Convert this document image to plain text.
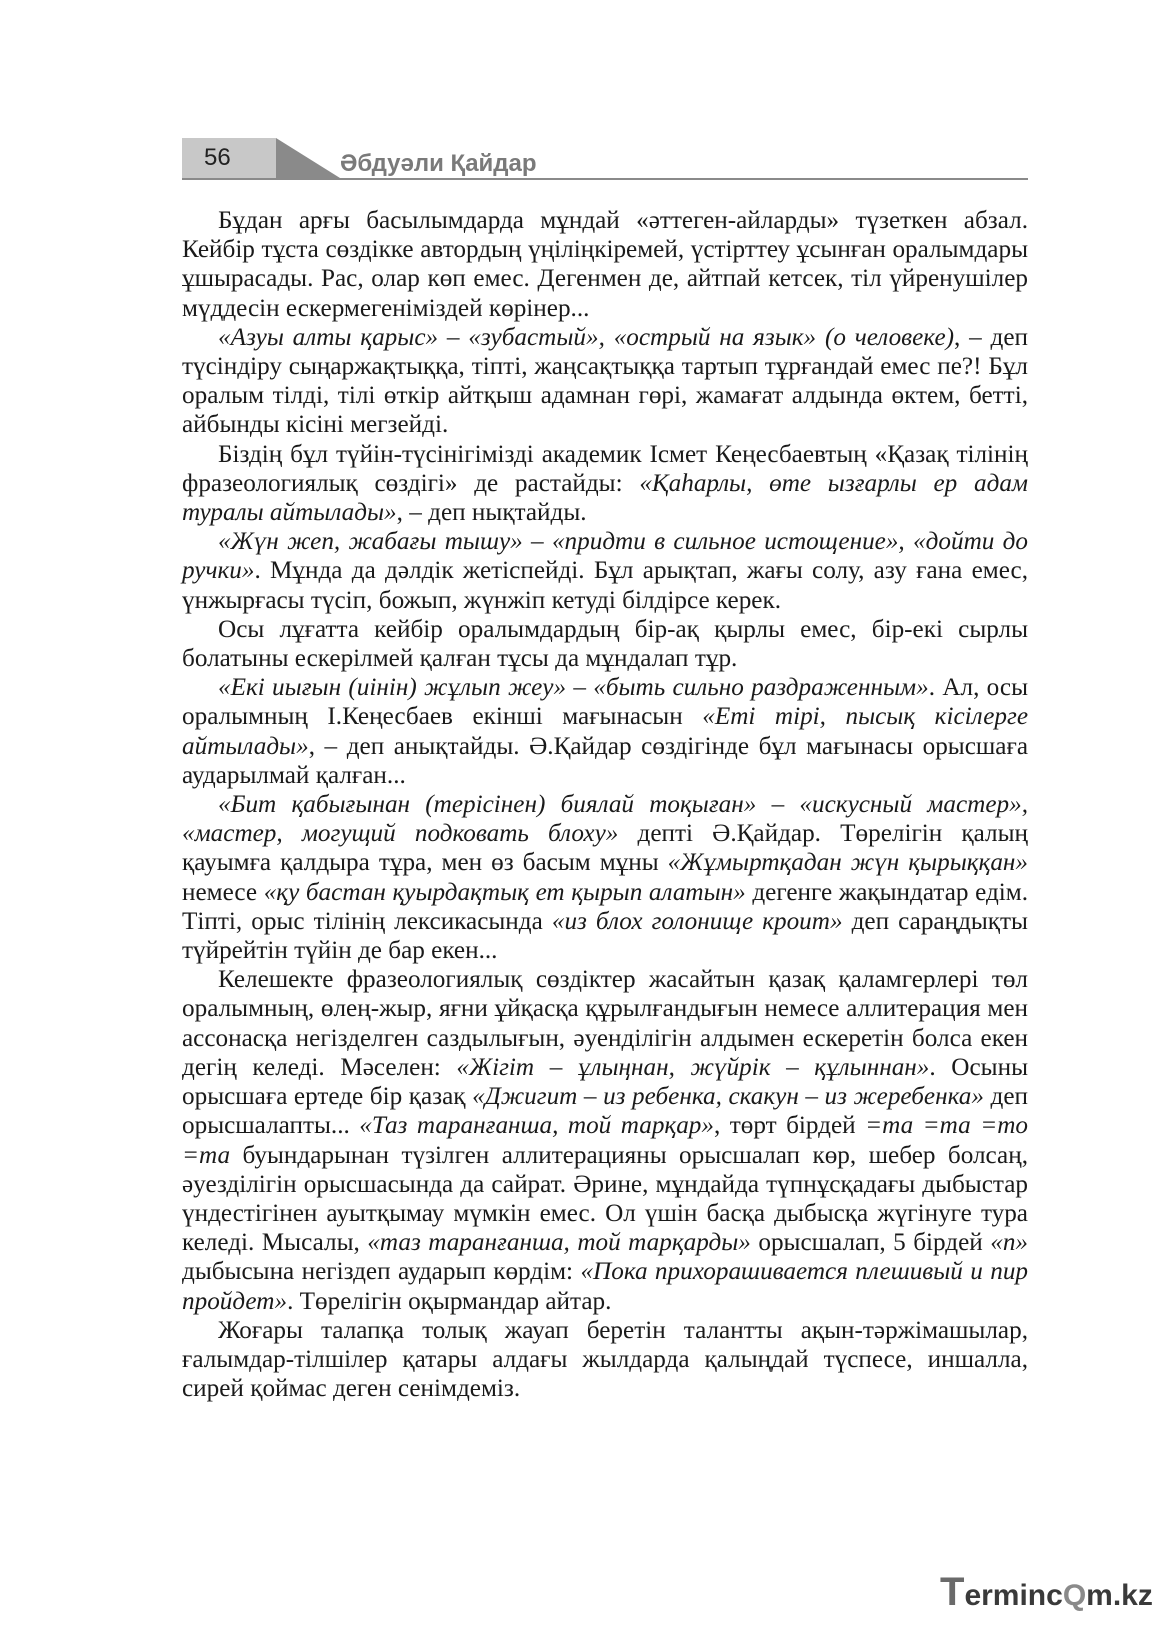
56	Әбдуәли Қайдар

Бұдан арғы басылымдарда мұндай «әттеген-айларды» түзеткен абзал. Кейбір тұста сөздікке автордың үңіліңкіремей, үстірттеу ұсынған оралымдары ұшырасады. Рас, олар көп емес. Дегенмен де, айтпай кетсек, тіл үйренушілер мүддесін ескермегеніміздей көрінер...

«Азуы алты қарыс» – «зубастый», «острый на язык» (о человеке), – деп түсіндіру сыңаржақтыққа, тіпті, жаңсақтыққа тартып тұрғандай емес пе?! Бұл оралым тілді, тілі өткір айтқыш адамнан гөрі, жамағат алдында өктем, бетті, айбынды кісіні мегзейді.

Біздің бұл түйін-түсінігімізді академик Ісмет Кеңесбаевтың «Қазақ тілінің фразеологиялық сөздігі» де растайды: «Қаһарлы, өте ызғарлы ер адам туралы айтылады», – деп нықтайды.

«Жүн жеп, жабағы тышу» – «придти в сильное истощение», «дойти до ручки». Мұнда да дәлдік жетіспейді. Бұл арықтап, жағы солу, азу ғана емес, үнжырғасы түсіп, божып, жүнжіп кетуді білдірсе керек.

Осы лұғатта кейбір оралымдардың бір-ақ қырлы емес, бір-екі сырлы болатыны ескерілмей қалған тұсы да мұндалап тұр.

«Екі иығын (иінін) жұлып жеу» – «быть сильно раздраженным». Ал, осы оралымның І.Кеңесбаев екінші мағынасын «Еті тірі, пысық кісілерге айтылады», – деп анықтайды. Ә.Қайдар сөздігінде бұл мағынасы орысшаға аударылмай қалған...

«Бит қабығынан (терісінен) биялай тоқыған» – «искусный мастер», «мастер, могущий подковать блоху» депті Ә.Қайдар. Төрелігін қалың қауымға қалдыра тұра, мен өз басым мұны «Жұмыртқадан жүн қырыққан» немесе «қу бастан қуырдақтық ет қырып алатын» дегенге жақындатар едім. Тіпті, орыс тілінің лексикасында «из блох голонище кроит» деп сараңдықты түйрейтін түйін де бар екен...

Келешекте фразеологиялық сөздіктер жасайтын қазақ қаламгерлері төл оралымның, өлең-жыр, яғни ұйқасқа құрылғандығын немесе аллитерация мен ассонасқа негізделген саздылығын, әуенділігін алдымен ескеретін болса екен дегің келеді. Мәселен: «Жігіт – ұлыңнан, жүйрік – құлыннан». Осыны орысшаға ертеде бір қазақ «Джигит – из ребенка, скакун – из жеребенка» деп орысшалапты... «Таз таранғанша, той тарқар», төрт бірдей =та =та =то =та буындарынан түзілген аллитерацияны орысшалап көр, шебер болсаң, әуезділігін орысшасында да сайрат. Әрине, мұндайда түпнұсқадағы дыбыстар үндестігінен ауытқымау мүмкін емес. Ол үшін басқа дыбысқа жүгінуге тура келеді. Мысалы, «таз таранғанша, той тарқарды» орысшалап, 5 бірдей «п» дыбысына негіздеп аударып көрдім: «Пока прихорашивается плешивый и пир пройдет». Төрелігін оқырмандар айтар.

Жоғары талапқа толық жауап беретін талантты ақын-тәржімашылар, ғалымдар-тілшілер қатары алдағы жылдарда қалыңдай түспесе, иншалла, сирей қоймас деген сенімдеміз.

TermincQm.kz
